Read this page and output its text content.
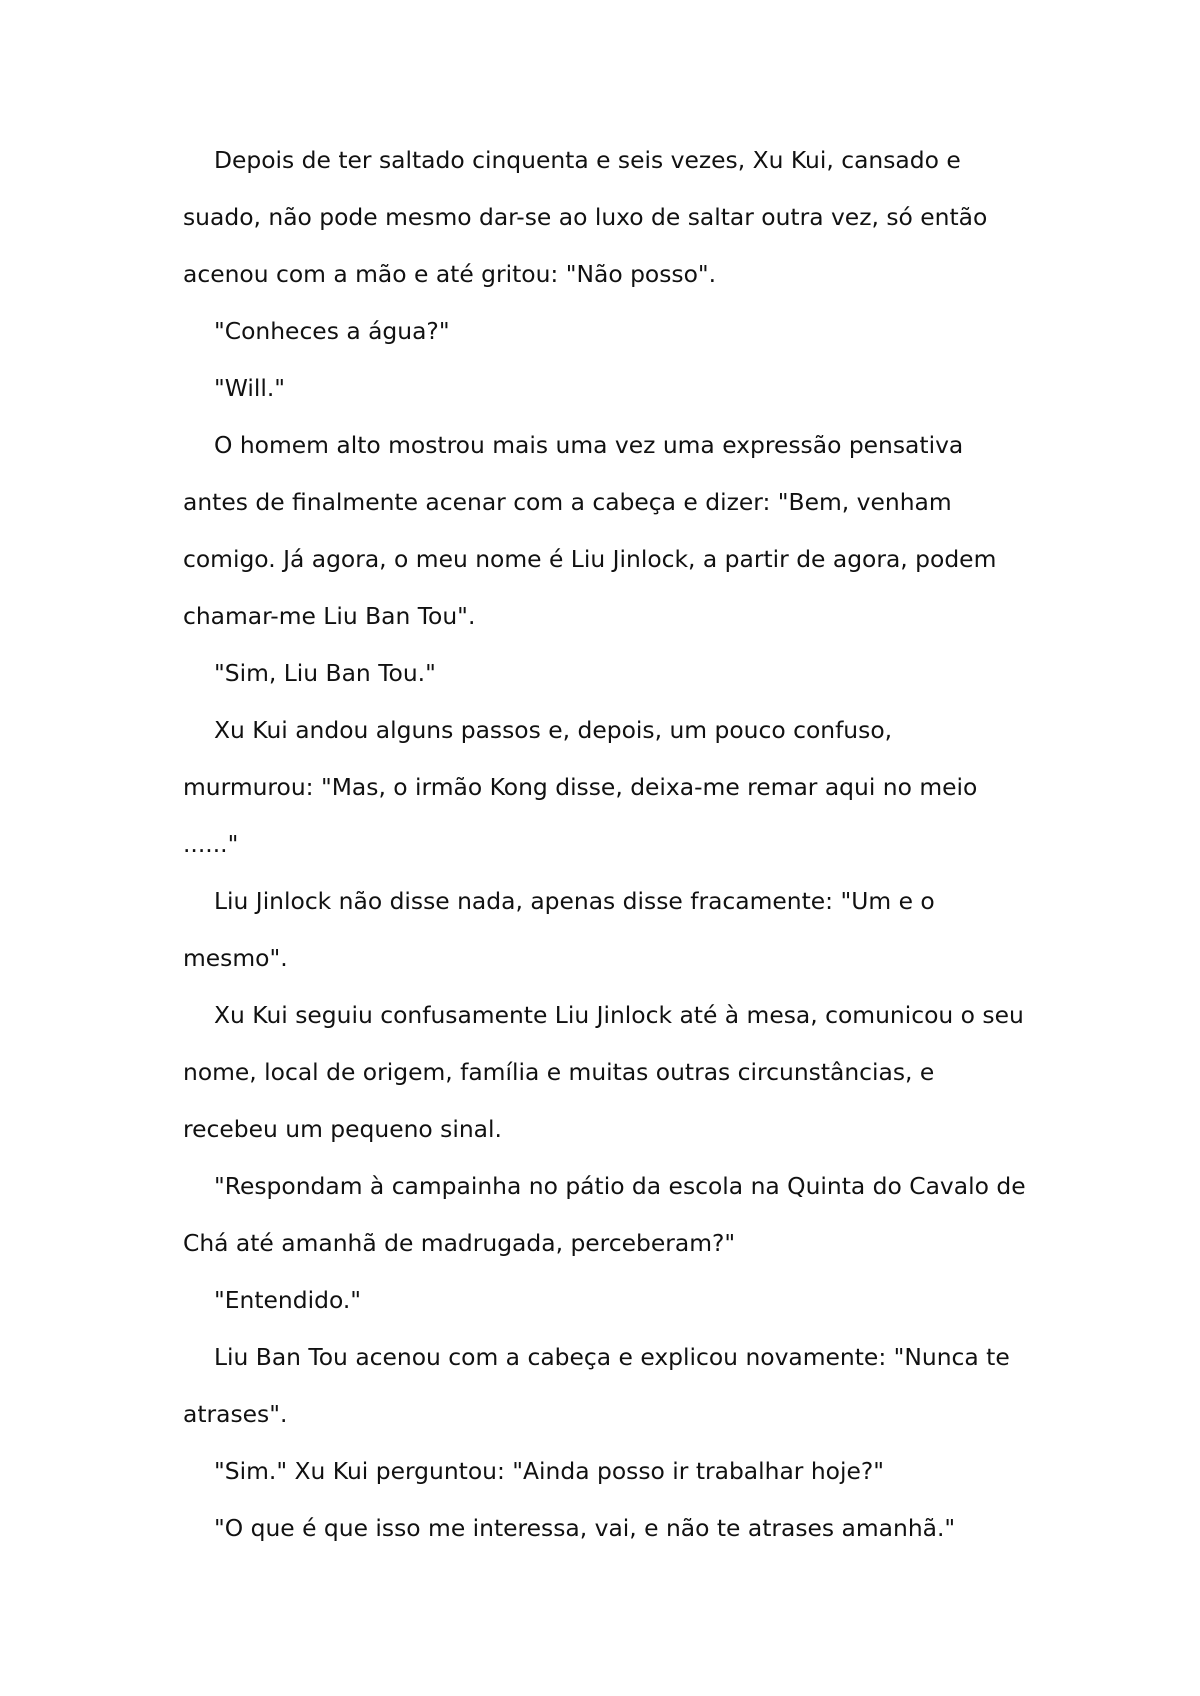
Depois de ter saltado cinquenta e seis vezes, Xu Kui, cansado e suado, não pode mesmo dar-se ao luxo de saltar outra vez, só então acenou com a mão e até gritou: "Não posso".

"Conheces a água?"

"Will."

O homem alto mostrou mais uma vez uma expressão pensativa antes de finalmente acenar com a cabeça e dizer: "Bem, venham comigo. Já agora, o meu nome é Liu Jinlock, a partir de agora, podem chamar-me Liu Ban Tou".

"Sim, Liu Ban Tou."

Xu Kui andou alguns passos e, depois, um pouco confuso, murmurou: "Mas, o irmão Kong disse, deixa-me remar aqui no meio ......"

Liu Jinlock não disse nada, apenas disse fracamente: "Um e o mesmo".

Xu Kui seguiu confusamente Liu Jinlock até à mesa, comunicou o seu nome, local de origem, família e muitas outras circunstâncias, e recebeu um pequeno sinal.

"Respondam à campainha no pátio da escola na Quinta do Cavalo de Chá até amanhã de madrugada, perceberam?"

"Entendido."

Liu Ban Tou acenou com a cabeça e explicou novamente: "Nunca te atrases".

"Sim." Xu Kui perguntou: "Ainda posso ir trabalhar hoje?"

"O que é que isso me interessa, vai, e não te atrases amanhã."
